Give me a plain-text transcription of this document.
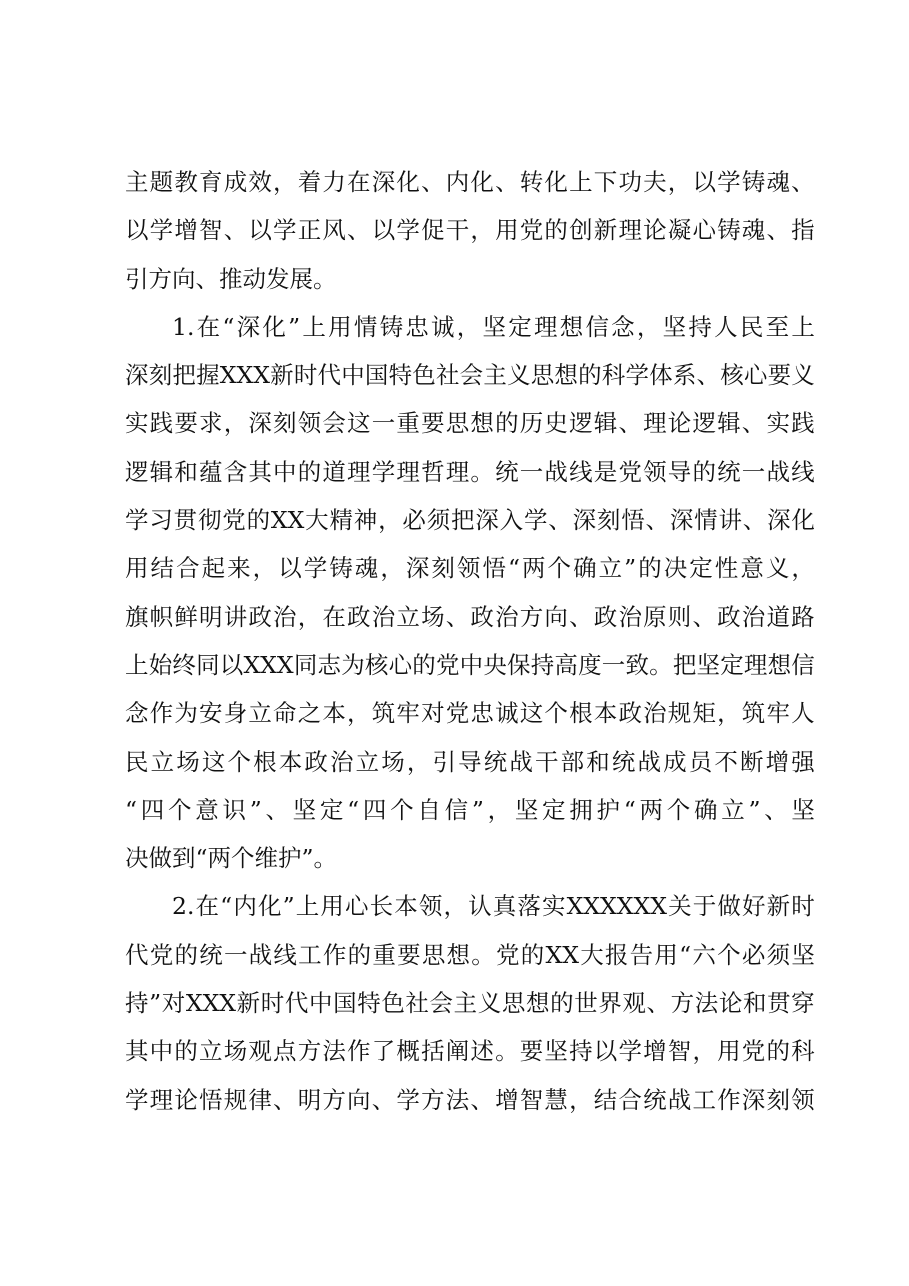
主 题 教 育 成 效 ， 着 力 在 深 化 、 内 化 、 转 化 上 下 功 夫 ， 以 学 铸 魂 、
以 学 增 智 、 以 学 正 风 、 以 学 促 干 ， 用 党 的 创 新 理 论 凝 心 铸 魂 、 指
引 方 向 、 推 动 发 展 。
1. 在 “ 深 化 ” 上 用 情 铸 忠 诚 ， 坚 定 理 想 信 念 ， 坚 持 人 民 至 上
深 刻 把 握 XXX 新 时 代 中 国 特 色 社 会 主 义 思 想 的 科 学 体 系 、 核 心 要 义
实 践 要 求 ， 深 刻 领 会 这 一 重 要 思 想 的 历 史 逻 辑 、 理 论 逻 辑 、 实 践
逻 辑 和 蕴 含 其 中 的 道 理 学 理 哲 理 。 统 一 战 线 是 党 领 导 的 统 一 战 线
学 习 贯 彻 党 的 XX 大 精 神 ， 必 须 把 深 入 学 、 深 刻 悟 、 深 情 讲 、 深 化
用 结 合 起 来 ， 以 学 铸 魂 ， 深 刻 领 悟 “ 两 个 确 立 ” 的 决 定 性 意 义 ，
旗 帜 鲜 明 讲 政 治 ， 在 政 治 立 场 、 政 治 方 向 、 政 治 原 则 、 政 治 道 路
上 始 终 同 以 XXX 同 志 为 核 心 的 党 中 央 保 持 高 度 一 致 。 把 坚 定 理 想 信
念 作 为 安 身 立 命 之 本 ， 筑 牢 对 党 忠 诚 这 个 根 本 政 治 规 矩 ， 筑 牢 人
民 立 场 这 个 根 本 政 治 立 场 ， 引 导 统 战 干 部 和 统 战 成 员 不 断 增 强
“ 四 个 意 识 ” 、 坚 定 “ 四 个 自 信 ” ， 坚 定 拥 护 “ 两 个 确 立 ” 、 坚
决 做 到 “ 两 个 维 护 ” 。
2. 在 “ 内 化 ” 上 用 心 长 本 领 ， 认 真 落 实 XXXXXX 关 于 做 好 新 时
代 党 的 统 一 战 线 工 作 的 重 要 思 想 。 党 的 XX 大 报 告 用 “ 六 个 必 须 坚
持 ” 对 XXX 新 时 代 中 国 特 色 社 会 主 义 思 想 的 世 界 观 、 方 法 论 和 贯 穿
其 中 的 立 场 观 点 方 法 作 了 概 括 阐 述 。 要 坚 持 以 学 增 智 ， 用 党 的 科
学 理 论 悟 规 律 、 明 方 向 、 学 方 法 、 增 智 慧 ， 结 合 统 战 工 作 深 刻 领
